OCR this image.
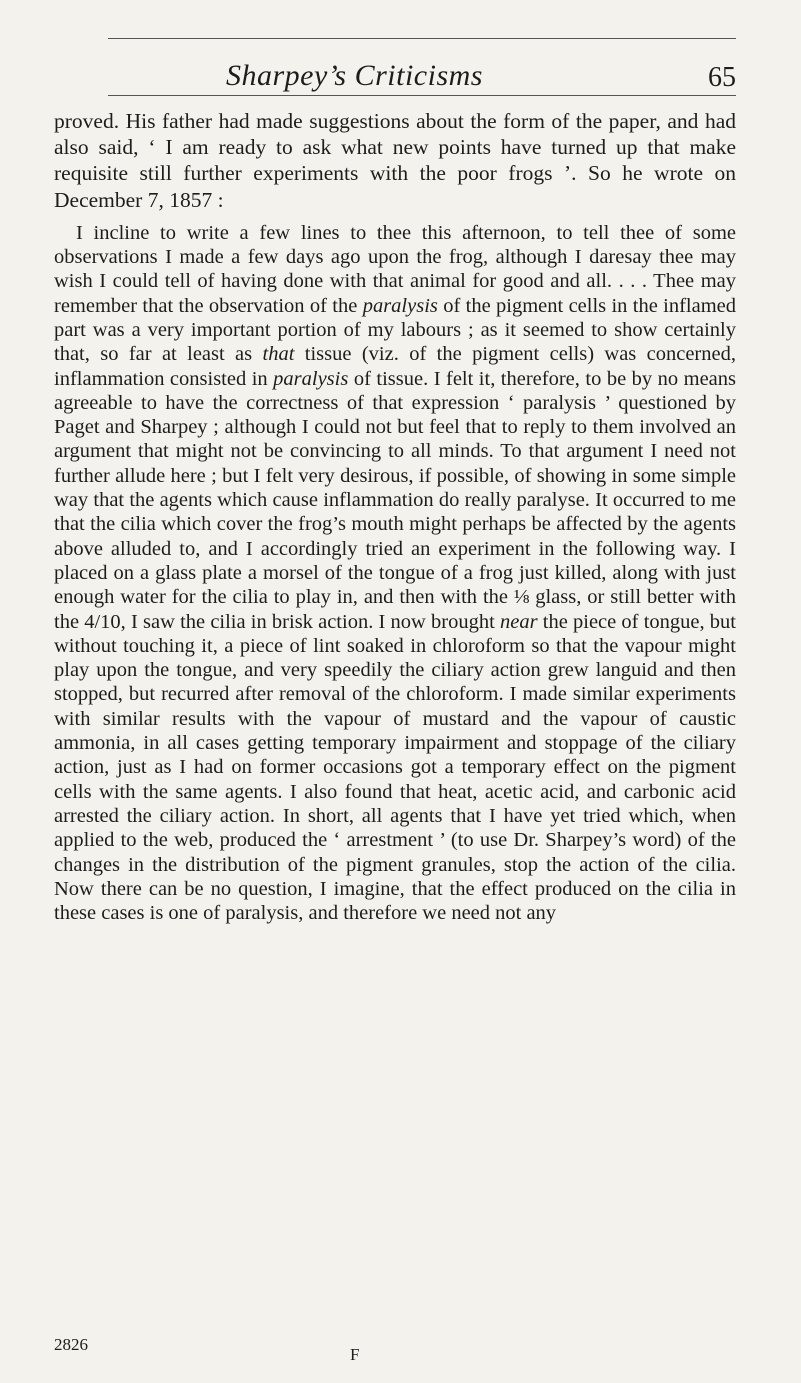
Sharpey’s Criticisms	65

proved. His father had made suggestions about the form of the paper, and had also said, ‘ I am ready to ask what new points have turned up that make requisite still further experiments with the poor frogs ’. So he wrote on December 7, 1857 :

I incline to write a few lines to thee this afternoon, to tell thee of some observations I made a few days ago upon the frog, although I daresay thee may wish I could tell of having done with that animal for good and all. . . . Thee may remember that the observation of the paralysis of the pigment cells in the inflamed part was a very important portion of my labours ; as it seemed to show certainly that, so far at least as that tissue (viz. of the pigment cells) was concerned, inflammation consisted in paralysis of tissue. I felt it, therefore, to be by no means agreeable to have the correctness of that expression ‘ paralysis ’ questioned by Paget and Sharpey ; although I could not but feel that to reply to them involved an argument that might not be convincing to all minds. To that argument I need not further allude here ; but I felt very desirous, if possible, of showing in some simple way that the agents which cause inflammation do really paralyse. It occurred to me that the cilia which cover the frog’s mouth might perhaps be affected by the agents above alluded to, and I accordingly tried an experiment in the following way. I placed on a glass plate a morsel of the tongue of a frog just killed, along with just enough water for the cilia to play in, and then with the ⅛ glass, or still better with the 4/10, I saw the cilia in brisk action. I now brought near the piece of tongue, but without touching it, a piece of lint soaked in chloroform so that the vapour might play upon the tongue, and very speedily the ciliary action grew languid and then stopped, but recurred after removal of the chloroform. I made similar experiments with similar results with the vapour of mustard and the vapour of caustic ammonia, in all cases getting temporary impairment and stoppage of the ciliary action, just as I had on former occasions got a temporary effect on the pigment cells with the same agents. I also found that heat, acetic acid, and carbonic acid arrested the ciliary action. In short, all agents that I have yet tried which, when applied to the web, produced the ‘ arrestment ’ (to use Dr. Sharpey’s word) of the changes in the distribution of the pigment granules, stop the action of the cilia. Now there can be no question, I imagine, that the effect produced on the cilia in these cases is one of paralysis, and therefore we need not any

2826
F
